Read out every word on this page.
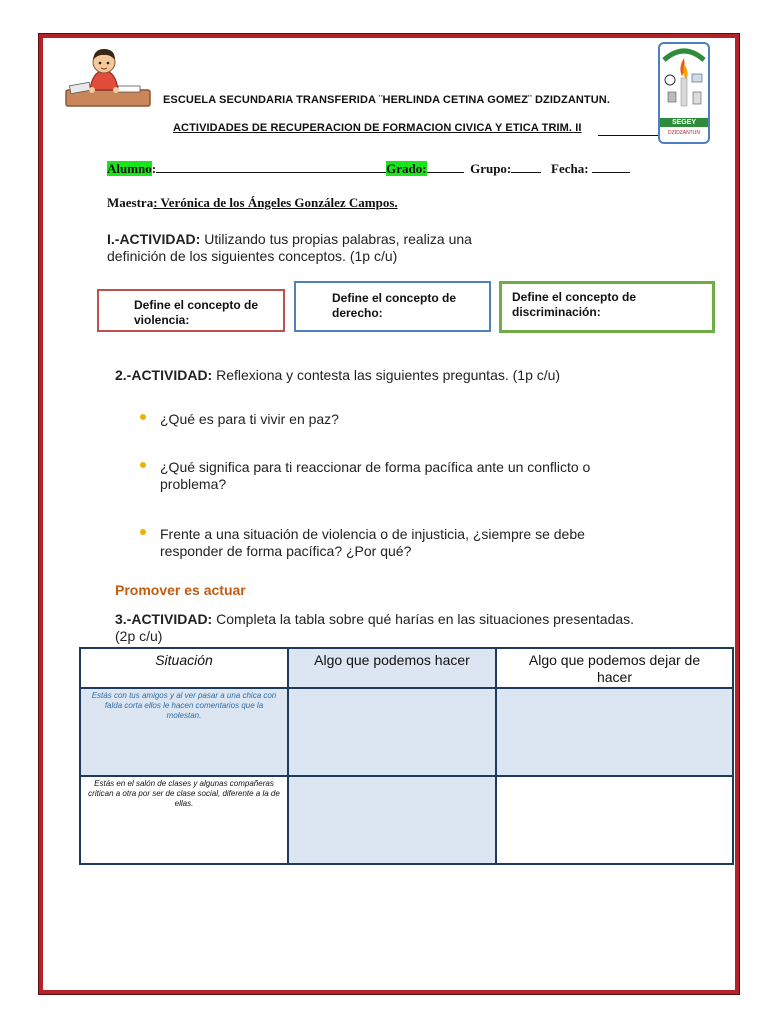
ESCUELA SECUNDARIA TRANSFERIDA ¨HERLINDA CETINA GOMEZ¨ DZIDZANTUN.
ACTIVIDADES DE RECUPERACION DE FORMACION CIVICA Y ETICA TRIM. II	SEGEY
DZIDZANTUN
Alumno:	Grado:	Grupo:	Fecha:
Maestra: Verónica de los Ángeles González Campos.
I.-ACTIVIDAD: Utilizando tus propias palabras, realiza una
definición de los siguientes conceptos. (1p c/u)
Define el concepto de
violencia:
Define el concepto de
derecho:
Define el concepto de
discriminación:
2.-ACTIVIDAD: Reflexiona y contesta las siguientes preguntas. (1p c/u)
¿Qué es para ti vivir en paz?
¿Qué significa para ti reaccionar de forma pacífica ante un conflicto o
problema?
Frente a una situación de violencia o de injusticia, ¿siempre se debe
responder de forma pacífica? ¿Por qué?
Promover es actuar
3.-ACTIVIDAD: Completa la tabla sobre qué harías en las situaciones presentadas.
(2p c/u)
Situación	Algo que podemos hacer	Algo que podemos dejar de hacer

Estás con tus amigos y al ver pasar a una chica con falda corta ellos le hacen comentarios que la molestan.		

Estás en el salón de clases y algunas compañeras critican a otra por ser de clase social, diferente a la de ellas.		
